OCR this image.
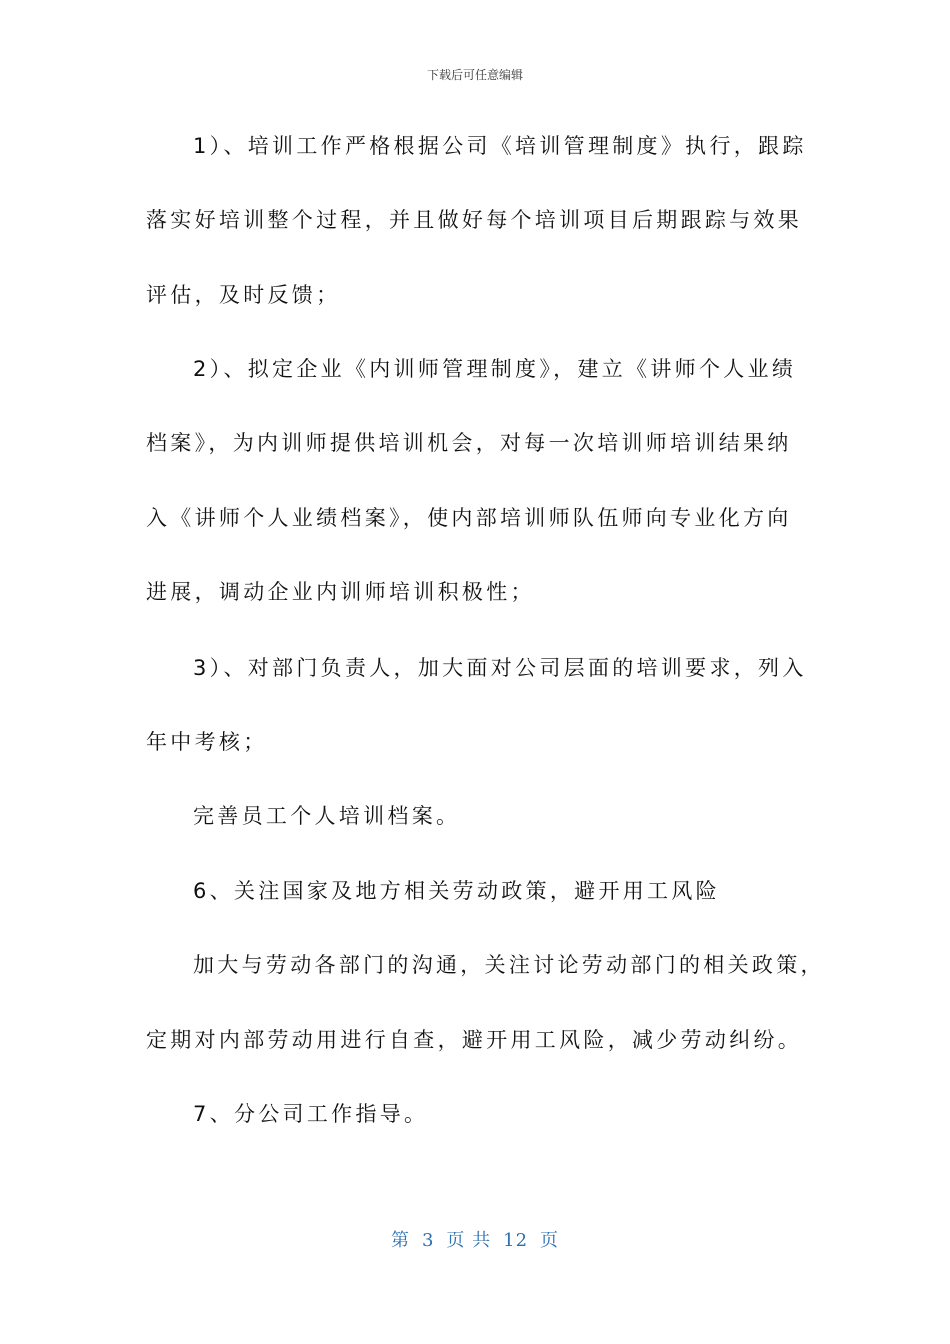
下载后可任意编辑
1）、培训工作严格根据公司《培训管理制度》执行，跟踪
落实好培训整个过程，并且做好每个培训项目后期跟踪与效果
评估，及时反馈；
2）、拟定企业《内训师管理制度》，建立《讲师个人业绩
档案》，为内训师提供培训机会，对每一次培训师培训结果纳
入《讲师个人业绩档案》，使内部培训师队伍师向专业化方向
进展，调动企业内训师培训积极性；
3）、对部门负责人，加大面对公司层面的培训要求，列入
年中考核；
完善员工个人培训档案。
6、关注国家及地方相关劳动政策，避开用工风险
加大与劳动各部门的沟通，关注讨论劳动部门的相关政策，
定期对内部劳动用进行自查，避开用工风险，减少劳动纠纷。
7、分公司工作指导。
第 3 页 共 12 页
